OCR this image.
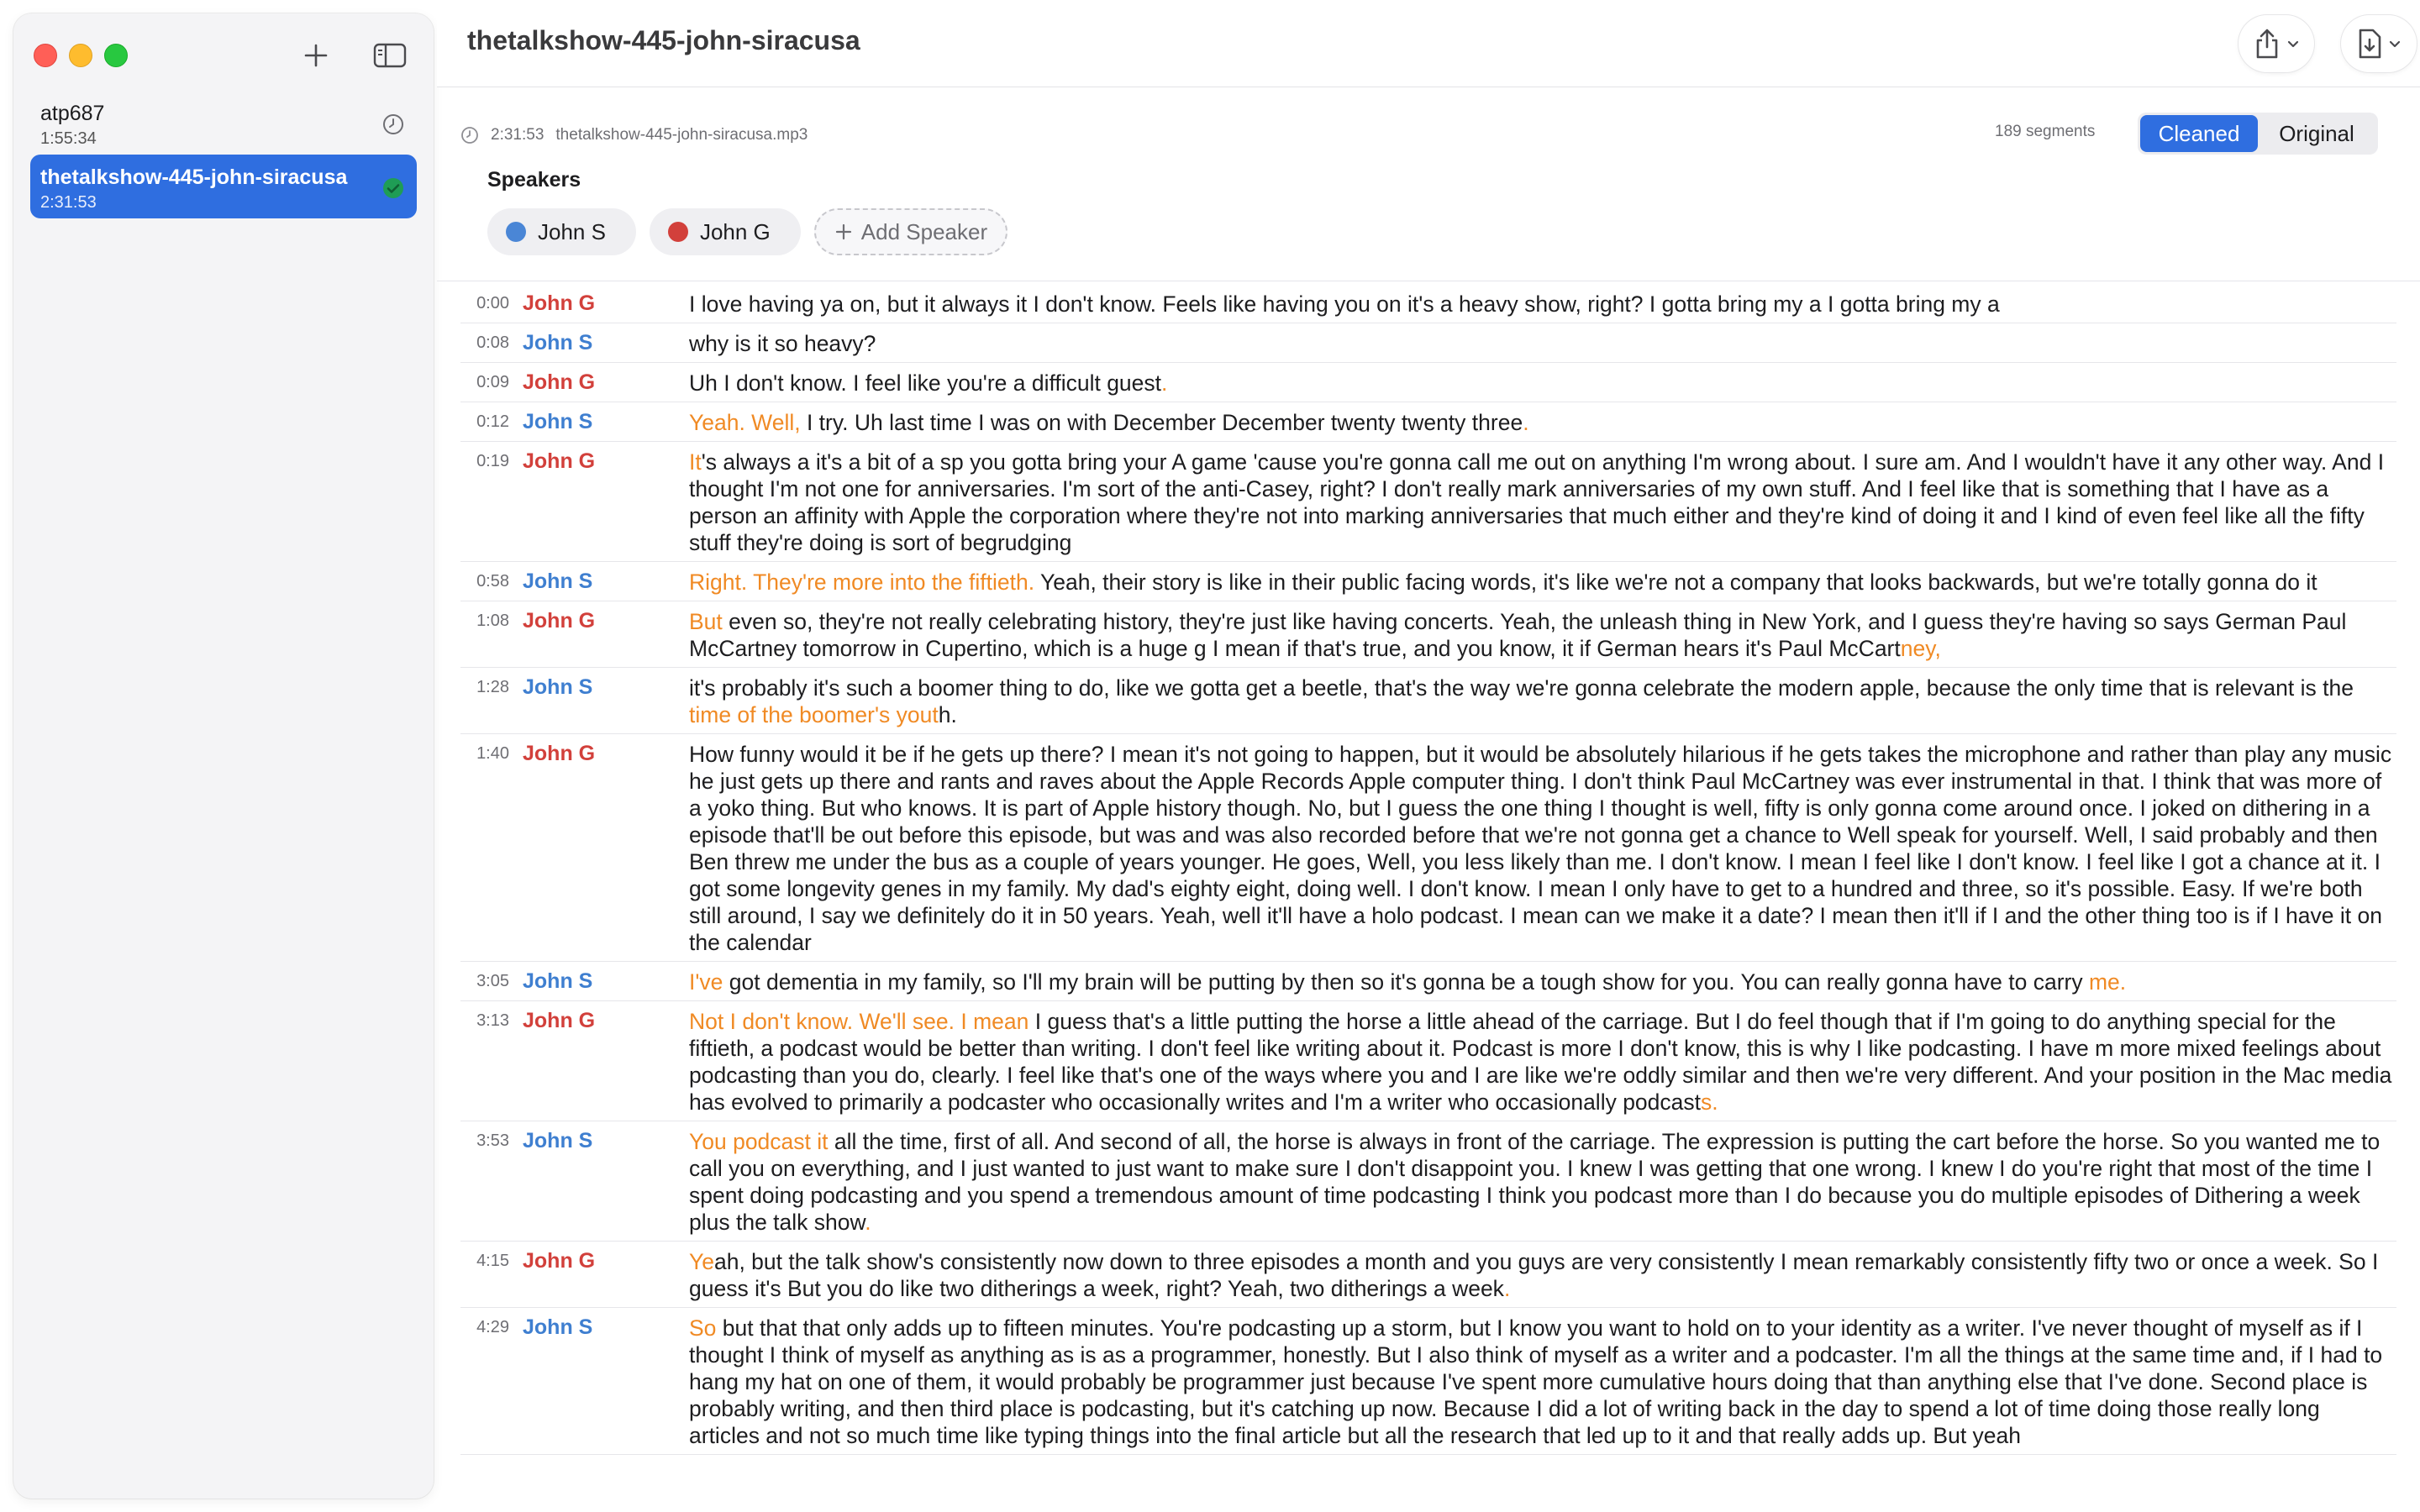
atp687
1:55:34
thetalkshow-445-john-siracusa
2:31:53
thetalkshow-445-john-siracusa
2:31:53 thetalkshow-445-john-siracusa.mp3	189 segments	Cleaned	Original
Speakers
John S	John G	Add Speaker
0:00 John G	I love having ya on, but it always it I don't know. Feels like having you on it's a heavy show, right? I gotta bring my a I gotta bring my a
0:08 John S	why is it so heavy?
0:09 John G	Uh I don't know. I feel like you're a difficult guest.
0:12 John S	Yeah. Well, I try. Uh last time I was on with December December twenty twenty three.
0:19 John G	It's always a it's a bit of a sp you gotta bring your A game 'cause you're gonna call me out on anything I'm wrong about. I sure am. And I wouldn't have it any other way. And I thought I'm not one for anniversaries. I'm sort of the anti-Casey, right? I don't really mark anniversaries of my own stuff. And I feel like that is something that I have as a person an affinity with Apple the corporation where they're not into marking anniversaries that much either and they're kind of doing it and I kind of even feel like all the fifty stuff they're doing is sort of begrudging
0:58 John S	Right. They're more into the fiftieth. Yeah, their story is like in their public facing words, it's like we're not a company that looks backwards, but we're totally gonna do it
1:08 John G	But even so, they're not really celebrating history, they're just like having concerts. Yeah, the unleash thing in New York, and I guess they're having so says German Paul McCartney tomorrow in Cupertino, which is a huge g I mean if that's true, and you know, it if German hears it's Paul McCartney,
1:28 John S	it's probably it's such a boomer thing to do, like we gotta get a beetle, that's the way we're gonna celebrate the modern apple, because the only time that is relevant is the time of the boomer's youth.
1:40 John G	How funny would it be if he gets up there? I mean it's not going to happen, but it would be absolutely hilarious if he gets takes the microphone and rather than play any music he just gets up there and rants and raves about the Apple Records Apple computer thing. I don't think Paul McCartney was ever instrumental in that. I think that was more of a yoko thing. But who knows. It is part of Apple history though. No, but I guess the one thing I thought is well, fifty is only gonna come around once. I joked on dithering in a episode that'll be out before this episode, but was and was also recorded before that we're not gonna get a chance to Well speak for yourself. Well, I said probably and then Ben threw me under the bus as a couple of years younger. He goes, Well, you less likely than me. I don't know. I mean I feel like I don't know. I feel like I got a chance at it. I got some longevity genes in my family. My dad's eighty eight, doing well. I don't know. I mean I only have to get to a hundred and three, so it's possible. Easy. If we're both still around, I say we definitely do it in 50 years. Yeah, well it'll have a holo podcast. I mean can we make it a date? I mean then it'll if I and the other thing too is if I have it on the calendar
3:05 John S	I've got dementia in my family, so I'll my brain will be putting by then so it's gonna be a tough show for you. You can really gonna have to carry me.
3:13 John G	Not I don't know. We'll see. I mean I guess that's a little putting the horse a little ahead of the carriage. But I do feel though that if I'm going to do anything special for the fiftieth, a podcast would be better than writing. I don't feel like writing about it. Podcast is more I don't know, this is why I like podcasting. I have m more mixed feelings about podcasting than you do, clearly. I feel like that's one of the ways where you and I are like we're oddly similar and then we're very different. And your position in the Mac media has evolved to primarily a podcaster who occasionally writes and I'm a writer who occasionally podcasts.
3:53 John S	You podcast it all the time, first of all. And second of all, the horse is always in front of the carriage. The expression is putting the cart before the horse. So you wanted me to call you on everything, and I just wanted to just want to make sure I don't disappoint you. I knew I was getting that one wrong. I knew I do you're right that most of the time I spent doing podcasting and you spend a tremendous amount of time podcasting I think you podcast more than I do because you do multiple episodes of Dithering a week plus the talk show.
4:15 John G	Yeah, but the talk show's consistently now down to three episodes a month and you guys are very consistently I mean remarkably consistently fifty two or once a week. So I guess it's But you do like two ditherings a week, right? Yeah, two ditherings a week.
4:29 John S	So but that that only adds up to fifteen minutes. You're podcasting up a storm, but I know you want to hold on to your identity as a writer. I've never thought of myself as if I thought I think of myself as anything as is as a programmer, honestly. But I also think of myself as a writer and a podcaster. I'm all the things at the same time and, if I had to hang my hat on one of them, it would probably be programmer just because I've spent more cumulative hours doing that than anything else that I've done. Second place is probably writing, and then third place is podcasting, but it's catching up now. Because I did a lot of writing back in the day to spend a lot of time doing those really long articles and not so much time like typing things into the final article but all the research that led up to it and that really adds up. But yeah
